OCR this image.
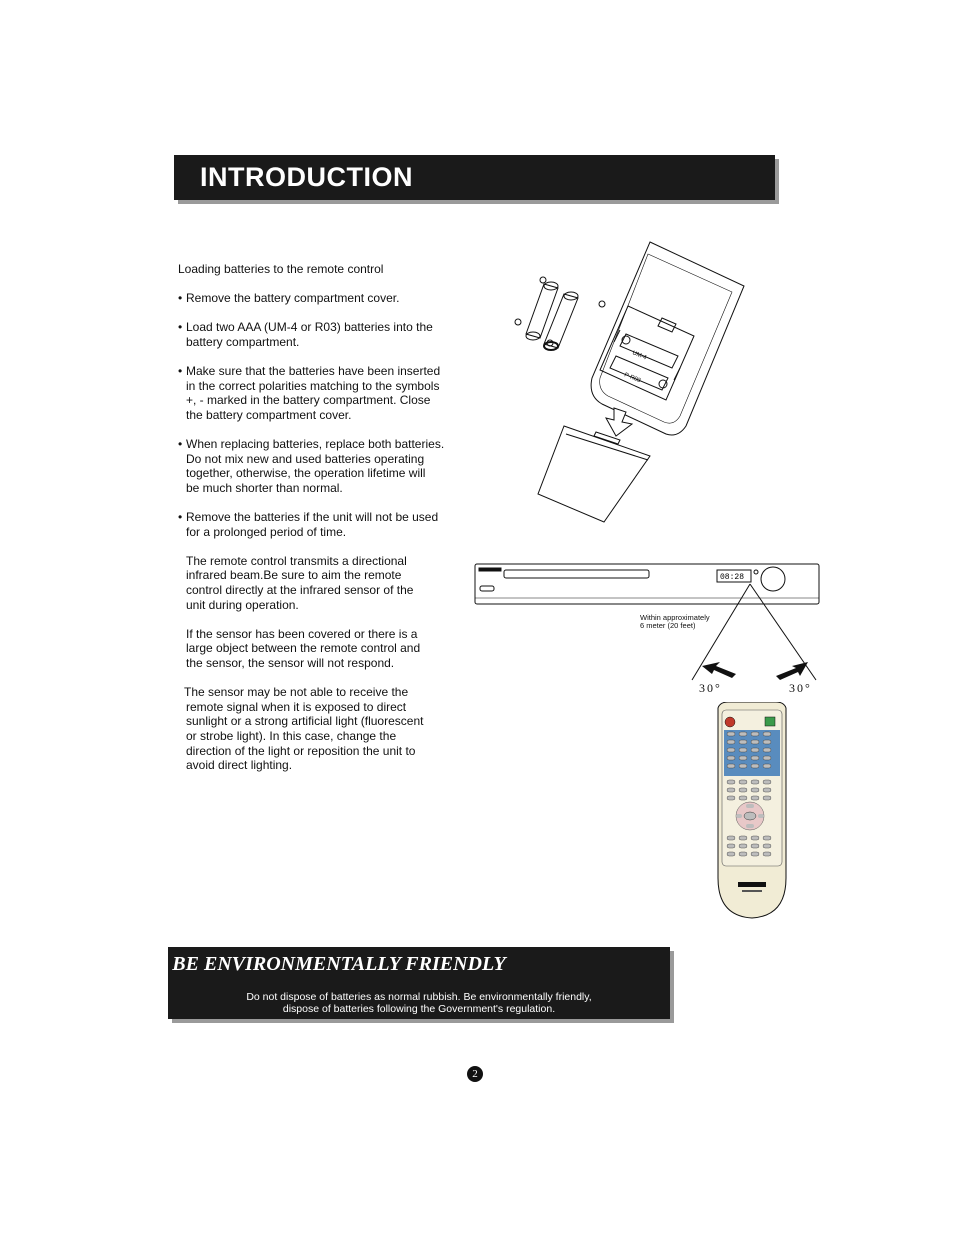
INTRODUCTION

Loading batteries to the remote control

• Remove the battery compartment cover.
• Load two AAA (UM-4 or R03) batteries into the
battery compartment.
• Make sure that the batteries have been inserted
in the correct polarities matching to the symbols
+, - marked in the battery compartment. Close
the battery compartment cover.
• When replacing batteries, replace both batteries.
Do not mix new and used batteries operating
together, otherwise, the operation lifetime will
be much shorter than normal.
• Remove the batteries if the unit will not be used
for a prolonged period of time.
The remote control transmits a directional
infrared beam.Be sure to aim the remote
control directly at the infrared sensor of the
unit during operation.
If the sensor has been covered or there is a
large object between the remote control and
the sensor, the sensor will not respond.
The sensor may be not able to receive the
remote signal when it is exposed to direct
sunlight or a strong artificial light (fluorescent
or strobe light). In this case, change the
direction of the light or reposition the unit to
avoid direct lighting.
UM-4
P-R03
08:28
Within approximately
6 meter (20 feet)
30°	30°
BE ENVIRONMENTALLY FRIENDLY
Do not dispose of batteries as normal rubbish. Be environmentally friendly,
dispose of batteries following the Government's regulation.
2
